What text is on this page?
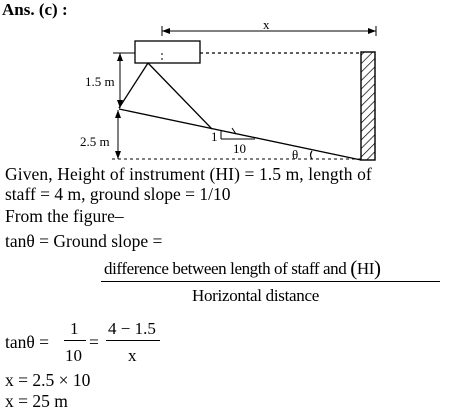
Ans. (c) :
x
1.5 m
2.5 m	1
10	θ
Given, Height of instrument (HI) = 1.5 m, length of
staff = 4 m, ground slope = 1/10
From the figure–
tanθ = Ground slope =
difference between length of staff and (HI)
Horizontal distance
tanθ =
1
10
=
4 − 1.5
x
x = 2.5 × 10
x = 25 m
